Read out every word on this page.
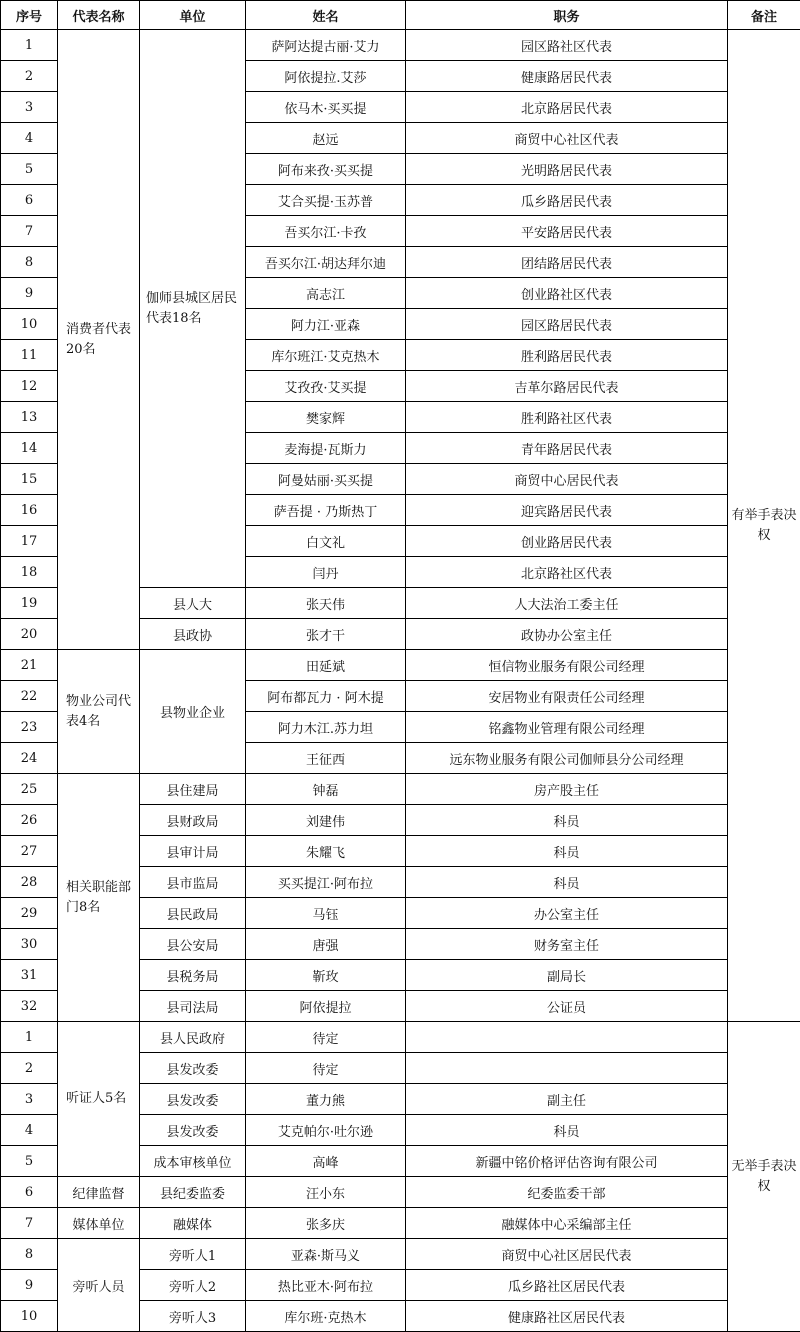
序号	代表名称	单位	姓名	职务	备注
1	消费者代表20名	伽师县城区居民代表18名	萨阿达提古丽·艾力	园区路社区代表	有举手表决权
2			阿依提拉.艾莎	健康路居民代表	
3			依马木·买买提	北京路居民代表	
4			赵远	商贸中心社区代表	
5			阿布来孜·买买提	光明路居民代表	
6			艾合买提·玉苏普	瓜乡路居民代表	
7			吾买尔江·卡孜	平安路居民代表	
8			吾买尔江·胡达拜尔迪	团结路居民代表	
9			高志江	创业路社区代表	
10			阿力江·亚森	园区路居民代表	
11			库尔班江·艾克热木	胜利路居民代表	
12			艾孜孜·艾买提	吉革尔路居民代表	
13			樊家辉	胜利路社区代表	
14			麦海提·瓦斯力	青年路居民代表	
15			阿曼姑丽·买买提	商贸中心居民代表	
16			萨吾提 · 乃斯热丁	迎宾路居民代表	
17			白文礼	创业路居民代表	
18			闫丹	北京路社区代表	
19		县人大	张天伟	人大法治工委主任	
20		县政协	张才干	政协办公室主任	
21	物业公司代表4名	县物业企业	田延斌	恒信物业服务有限公司经理	
22			阿布都瓦力 · 阿木提	安居物业有限责任公司经理	
23			阿力木江.苏力坦	铭鑫物业管理有限公司经理	
24			王征西	远东物业服务有限公司伽师县分公司经理	
25	相关职能部门8名	县住建局	钟磊	房产股主任	
26		县财政局	刘建伟	科员	
27		县审计局	朱耀飞	科员	
28		县市监局	买买提江·阿布拉	科员	
29		县民政局	马钰	办公室主任	
30		县公安局	唐强	财务室主任	
31		县税务局	靳玫	副局长	
32		县司法局	阿依提拉	公证员	
1	听证人5名	县人民政府	待定		无举手表决权
2		县发改委	待定		
3		县发改委	董力熊	副主任	
4		县发改委	艾克帕尔·吐尔逊	科员	
5		成本审核单位	高峰	新疆中铭价格评估咨询有限公司	
6	纪律监督	县纪委监委	汪小东	纪委监委干部	
7	媒体单位	融媒体	张多庆	融媒体中心采编部主任	
8	旁听人员	旁听人1	亚森·斯马义	商贸中心社区居民代表	
9		旁听人2	热比亚木·阿布拉	瓜乡路社区居民代表	
10		旁听人3	库尔班·克热木	健康路社区居民代表	
